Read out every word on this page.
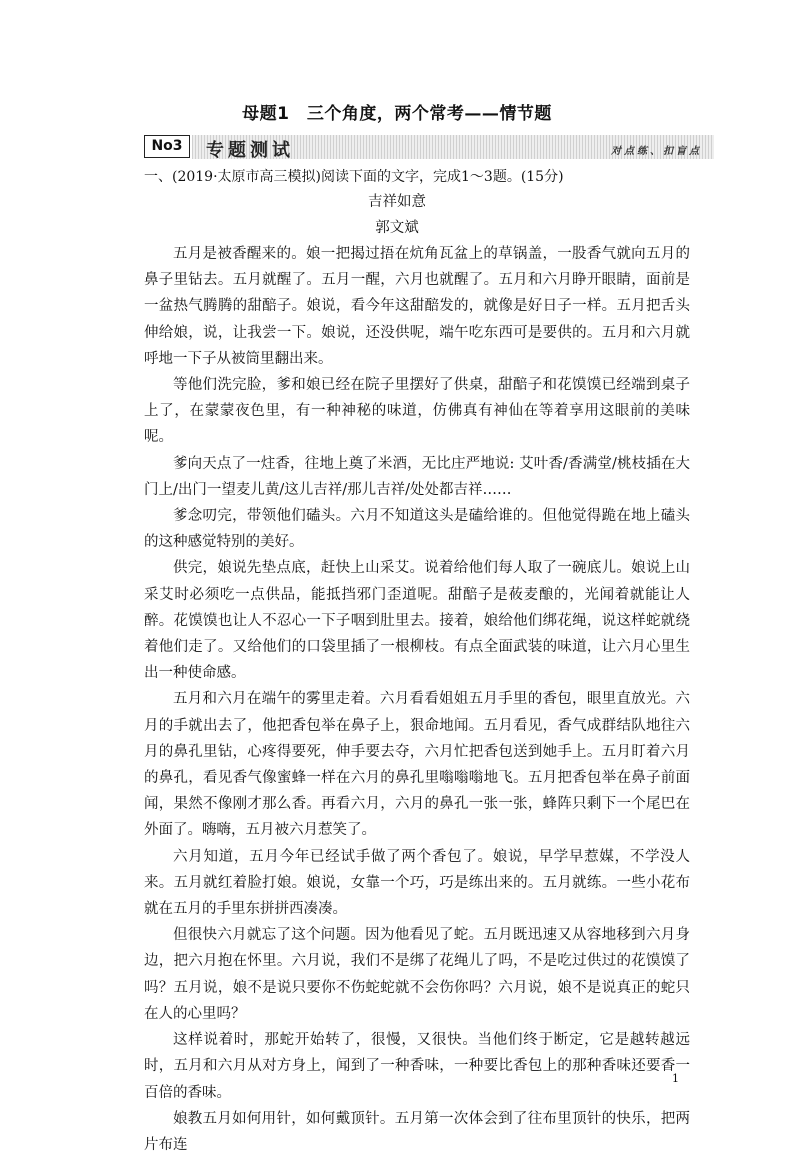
母题1　三个角度，两个常考——情节题
No3	专题测试	对点练、扣盲点
一、(2019·太原市高三模拟)阅读下面的文字，完成1～3题。(15分)
吉祥如意
郭文斌

五月是被香醒来的。娘一把揭过捂在炕角瓦盆上的草锅盖，一股香气就向五月的鼻子里钻去。五月就醒了。五月一醒，六月也就醒了。五月和六月睁开眼睛，面前是一盆热气腾腾的甜醅子。娘说，看今年这甜醅发的，就像是好日子一样。五月把舌头伸给娘，说，让我尝一下。娘说，还没供呢，端午吃东西可是要供的。五月和六月就呼地一下子从被筒里翻出来。

等他们洗完脸，爹和娘已经在院子里摆好了供桌，甜醅子和花馍馍已经端到桌子上了，在蒙蒙夜色里，有一种神秘的味道，仿佛真有神仙在等着享用这眼前的美味呢。

爹向天点了一炷香，往地上奠了米酒，无比庄严地说: 艾叶香/香满堂/桃枝插在大门上/出门一望麦儿黄/这儿吉祥/那儿吉祥/处处都吉祥……

爹念叨完，带领他们磕头。六月不知道这头是磕给谁的。但他觉得跪在地上磕头的这种感觉特别的美好。

供完，娘说先垫点底，赶快上山采艾。说着给他们每人取了一碗底儿。娘说上山采艾时必须吃一点供品，能抵挡邪门歪道呢。甜醅子是莜麦酿的，光闻着就能让人醉。花馍馍也让人不忍心一下子咽到肚里去。接着，娘给他们绑花绳，说这样蛇就绕着他们走了。又给他们的口袋里插了一根柳枝。有点全面武装的味道，让六月心里生出一种使命感。

五月和六月在端午的雾里走着。六月看看姐姐五月手里的香包，眼里直放光。六月的手就出去了，他把香包举在鼻子上，狠命地闻。五月看见，香气成群结队地往六月的鼻孔里钻，心疼得要死，伸手要去夺，六月忙把香包送到她手上。五月盯着六月的鼻孔，看见香气像蜜蜂一样在六月的鼻孔里嗡嗡嗡地飞。五月把香包举在鼻子前面闻，果然不像刚才那么香。再看六月，六月的鼻孔一张一张，蜂阵只剩下一个尾巴在外面了。嗨嗨，五月被六月惹笑了。

六月知道，五月今年已经试手做了两个香包了。娘说，早学早惹媒，不学没人来。五月就红着脸打娘。娘说，女靠一个巧，巧是练出来的。五月就练。一些小花布就在五月的手里东拼拼西凑凑。

但很快六月就忘了这个问题。因为他看见了蛇。五月既迅速又从容地移到六月身边，把六月抱在怀里。六月说，我们不是绑了花绳儿了吗，不是吃过供过的花馍馍了吗？五月说，娘不是说只要你不伤蛇蛇就不会伤你吗？六月说，娘不是说真正的蛇只在人的心里吗？

这样说着时，那蛇开始转了，很慢，又很快。当他们终于断定，它是越转越远时，五月和六月从对方身上，闻到了一种香味，一种要比香包上的那种香味还要香一百倍的香味。

娘教五月如何用针，如何戴顶针。五月第一次体会到了往布里顶针的快乐，把两片布连

1
